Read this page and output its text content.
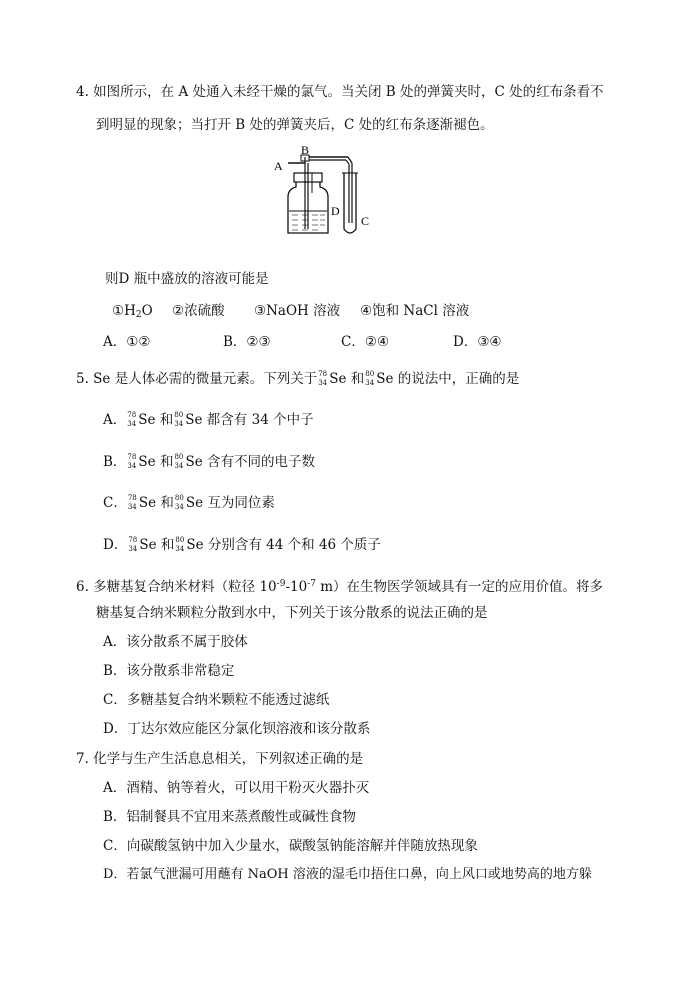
4. 如图所示，在 A 处通入未经干燥的氯气。当关闭 B 处的弹簧夹时，C 处的红布条看不
到明显的现象；当打开 B 处的弹簧夹后，C 处的红布条逐渐褪色。
A
B
D
C
则D 瓶中盛放的溶液可能是
①H2O ②浓硫酸 ③NaOH 溶液 ④饱和 NaCl 溶液
A．①②	B．②③	C．②④	D．③④
5. Se 是人体必需的微量元素。下列关于 78
34 Se 和 80
34 Se 的说法中，正确的是
A． 78
34 Se 和 80
34 Se 都含有 34 个中子
B． 78
34 Se 和 80
34 Se 含有不同的电子数
C． 78
34 Se 和 80
34 Se 互为同位素
D． 78
34 Se 和 80
34 Se 分别含有 44 个和 46 个质子
6. 多糖基复合纳米材料（粒径 $10^{-9}-10^{-7}$ m）在生物医学领域具有一定的应用价值。将多
糖基复合纳米颗粒分散到水中，下列关于该分散系的说法正确的是
A．该分散系不属于胶体
B．该分散系非常稳定
C．多糖基复合纳米颗粒不能透过滤纸
D．丁达尔效应能区分氯化钡溶液和该分散系
7. 化学与生产生活息息相关，下列叙述正确的是
A．酒精、钠等着火，可以用干粉灭火器扑灭
B．铝制餐具不宜用来蒸煮酸性或碱性食物
C．向碳酸氢钠中加入少量水，碳酸氢钠能溶解并伴随放热现象
D．若氯气泄漏可用蘸有 NaOH 溶液的湿毛巾捂住口鼻，向上风口或地势高的地方躲
